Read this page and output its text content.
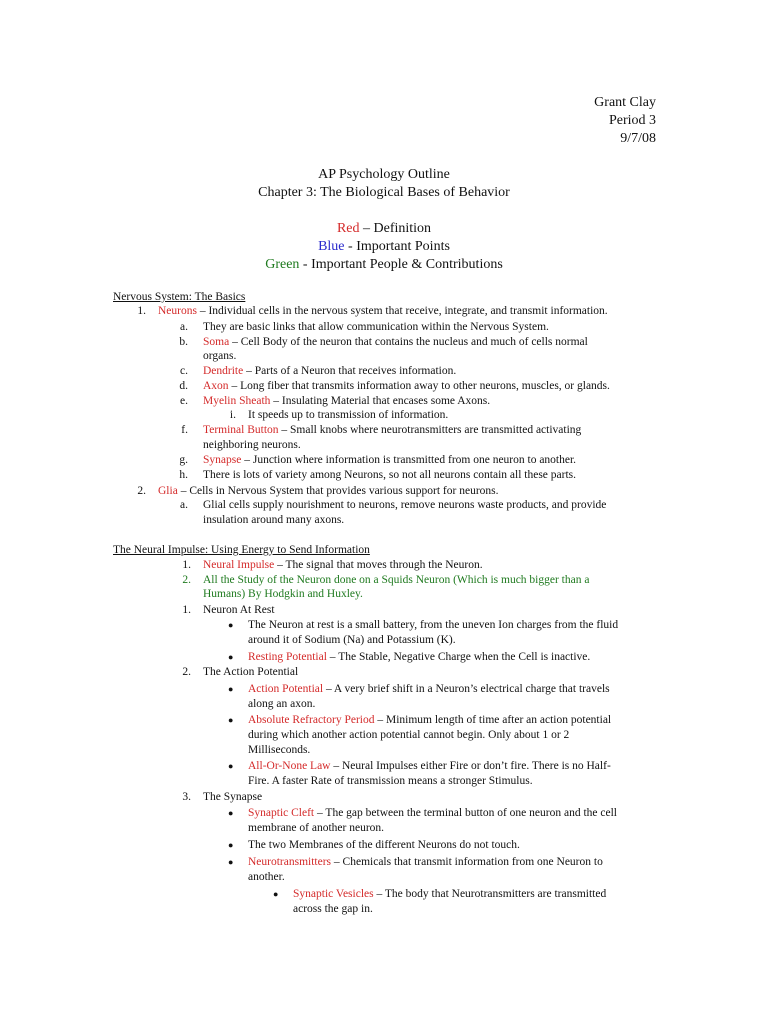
Grant Clay
Period 3
9/7/08
AP Psychology Outline
Chapter 3: The Biological Bases of Behavior
Red – Definition
Blue - Important Points
Green - Important People & Contributions
Nervous System: The Basics
1. Neurons – Individual cells in the nervous system that receive, integrate, and transmit information.
a. They are basic links that allow communication within the Nervous System.
b. Soma – Cell Body of the neuron that contains the nucleus and much of cells normal
organs.
c. Dendrite – Parts of a Neuron that receives information.
d. Axon – Long fiber that transmits information away to other neurons, muscles, or glands.
e. Myelin Sheath – Insulating Material that encases some Axons.
i. It speeds up to transmission of information.
f. Terminal Button – Small knobs where neurotransmitters are transmitted activating
neighboring neurons.
g. Synapse – Junction where information is transmitted from one neuron to another.
h. There is lots of variety among Neurons, so not all neurons contain all these parts.
2. Glia – Cells in Nervous System that provides various support for neurons.
a. Glial cells supply nourishment to neurons, remove neurons waste products, and provide
insulation around many axons.
The Neural Impulse: Using Energy to Send Information
1. Neural Impulse – The signal that moves through the Neuron.
2. All the Study of the Neuron done on a Squids Neuron (Which is much bigger than a
Humans) By Hodgkin and Huxley.
1. Neuron At Rest
● The Neuron at rest is a small battery, from the uneven Ion charges from the fluid
around it of Sodium (Na) and Potassium (K).
● Resting Potential – The Stable, Negative Charge when the Cell is inactive.
2. The Action Potential
● Action Potential – A very brief shift in a Neuron’s electrical charge that travels
along an axon.
● Absolute Refractory Period – Minimum length of time after an action potential
during which another action potential cannot begin. Only about 1 or 2
Milliseconds.
● All-Or-None Law – Neural Impulses either Fire or don’t fire. There is no Half-
Fire. A faster Rate of transmission means a stronger Stimulus.
3. The Synapse
● Synaptic Cleft – The gap between the terminal button of one neuron and the cell
membrane of another neuron.
● The two Membranes of the different Neurons do not touch.
● Neurotransmitters – Chemicals that transmit information from one Neuron to
another.
● Synaptic Vesicles – The body that Neurotransmitters are transmitted
across the gap in.
